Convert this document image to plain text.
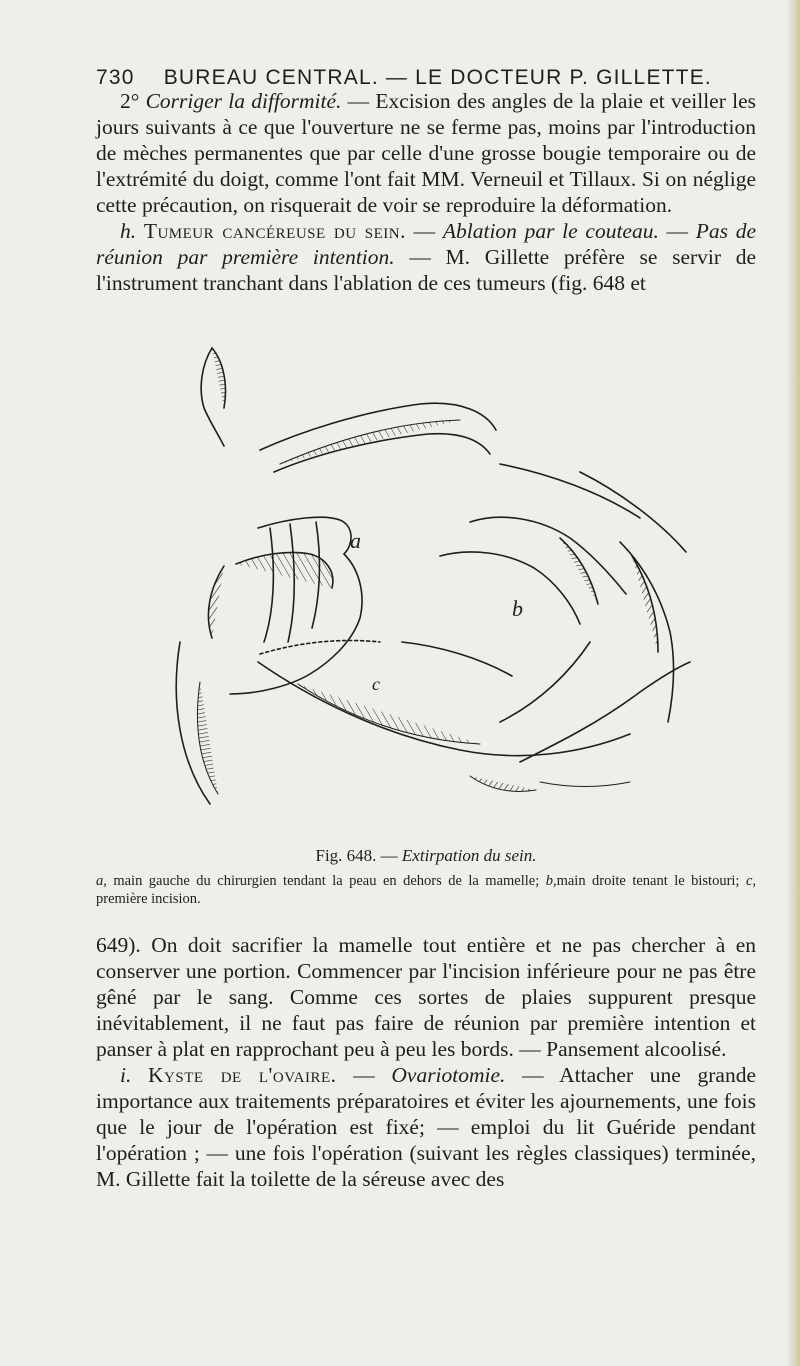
730 BUREAU CENTRAL. — LE DOCTEUR P. GILLETTE.

2° Corriger la difformité. — Excision des angles de la plaie et veiller les jours suivants à ce que l'ouverture ne se ferme pas, moins par l'introduction de mèches permanentes que par celle d'une grosse bougie temporaire ou de l'extrémité du doigt, comme l'ont fait MM. Verneuil et Tillaux. Si on néglige cette précaution, on risquerait de voir se reproduire la déformation.

h. Tumeur cancéreuse du sein. — Ablation par le couteau. — Pas de réunion par première intention. — M. Gillette préfère se servir de l'instrument tranchant dans l'ablation de ces tumeurs (fig. 648 et

a
b
c
Fig. 648. — Extirpation du sein.
a, main gauche du chirurgien tendant la peau en dehors de la mamelle; b,main droite tenant le bistouri; c, première incision.

649). On doit sacrifier la mamelle tout entière et ne pas chercher à en conserver une portion. Commencer par l'incision inférieure pour ne pas être gêné par le sang. Comme ces sortes de plaies suppurent presque inévitablement, il ne faut pas faire de réunion par première intention et panser à plat en rapprochant peu à peu les bords. — Pansement alcoolisé.

i. Kyste de l'ovaire. — Ovariotomie. — Attacher une grande importance aux traitements préparatoires et éviter les ajournements, une fois que le jour de l'opération est fixé; — emploi du lit Guéride pendant l'opération ; — une fois l'opération (suivant les règles classiques) terminée, M. Gillette fait la toilette de la séreuse avec des
